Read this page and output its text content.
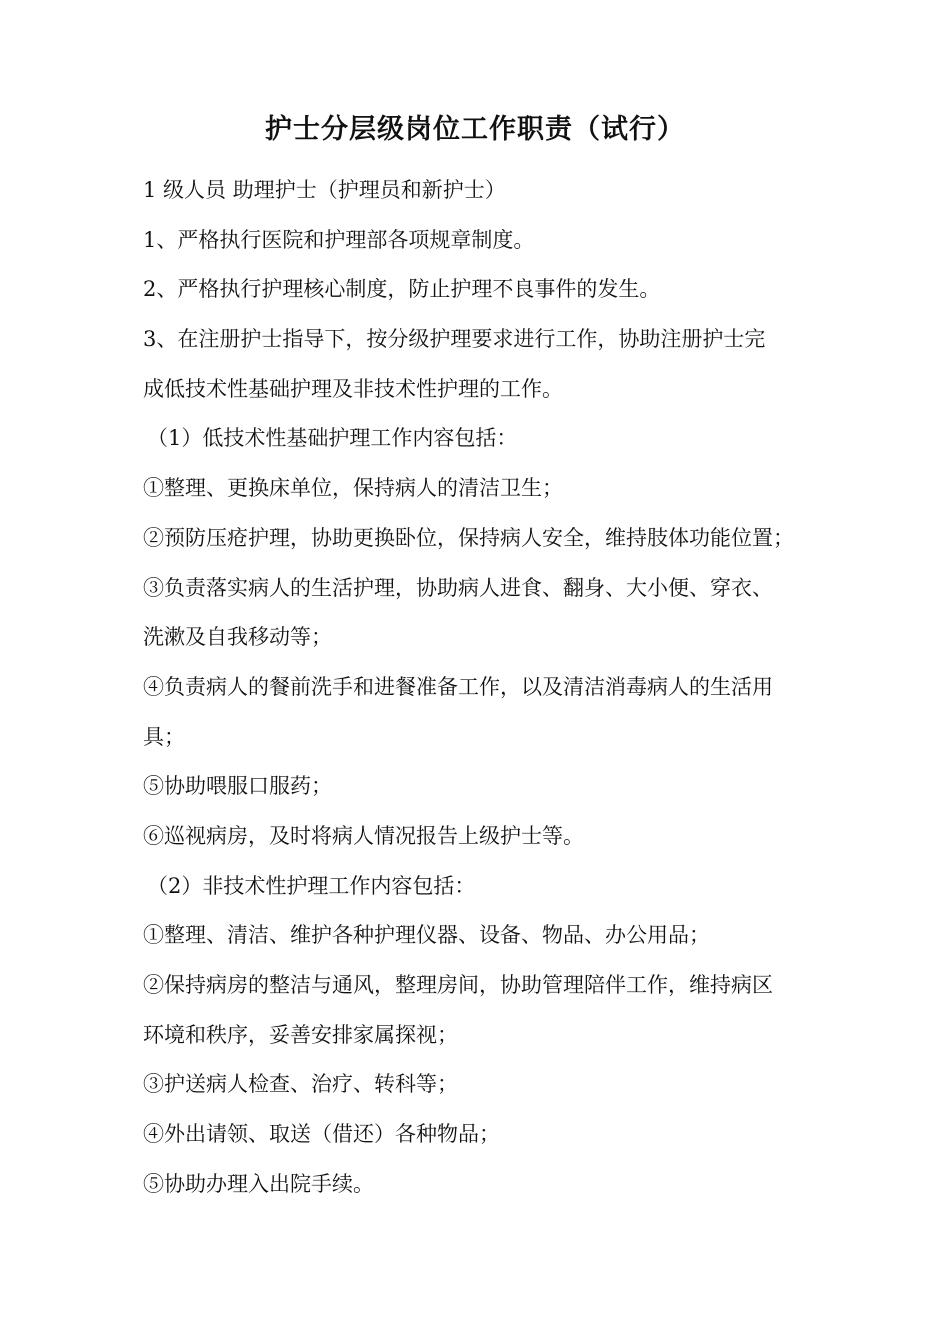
护士分层级岗位工作职责（试行）
1 级人员 助理护士（护理员和新护士）
1、严格执行医院和护理部各项规章制度。
2、严格执行护理核心制度，防止护理不良事件的发生。
3、在注册护士指导下，按分级护理要求进行工作，协助注册护士完
成低技术性基础护理及非技术性护理的工作。
（1）低技术性基础护理工作内容包括：
①整理、更换床单位，保持病人的清洁卫生；
②预防压疮护理，协助更换卧位，保持病人安全，维持肢体功能位置；
③负责落实病人的生活护理，协助病人进食、翻身、大小便、穿衣、
洗漱及自我移动等；
④负责病人的餐前洗手和进餐准备工作，以及清洁消毒病人的生活用
具；
⑤协助喂服口服药；
⑥巡视病房，及时将病人情况报告上级护士等。
（2）非技术性护理工作内容包括：
①整理、清洁、维护各种护理仪器、设备、物品、办公用品；
②保持病房的整洁与通风，整理房间，协助管理陪伴工作，维持病区
环境和秩序，妥善安排家属探视；
③护送病人检查、治疗、转科等；
④外出请领、取送（借还）各种物品；
⑤协助办理入出院手续。
